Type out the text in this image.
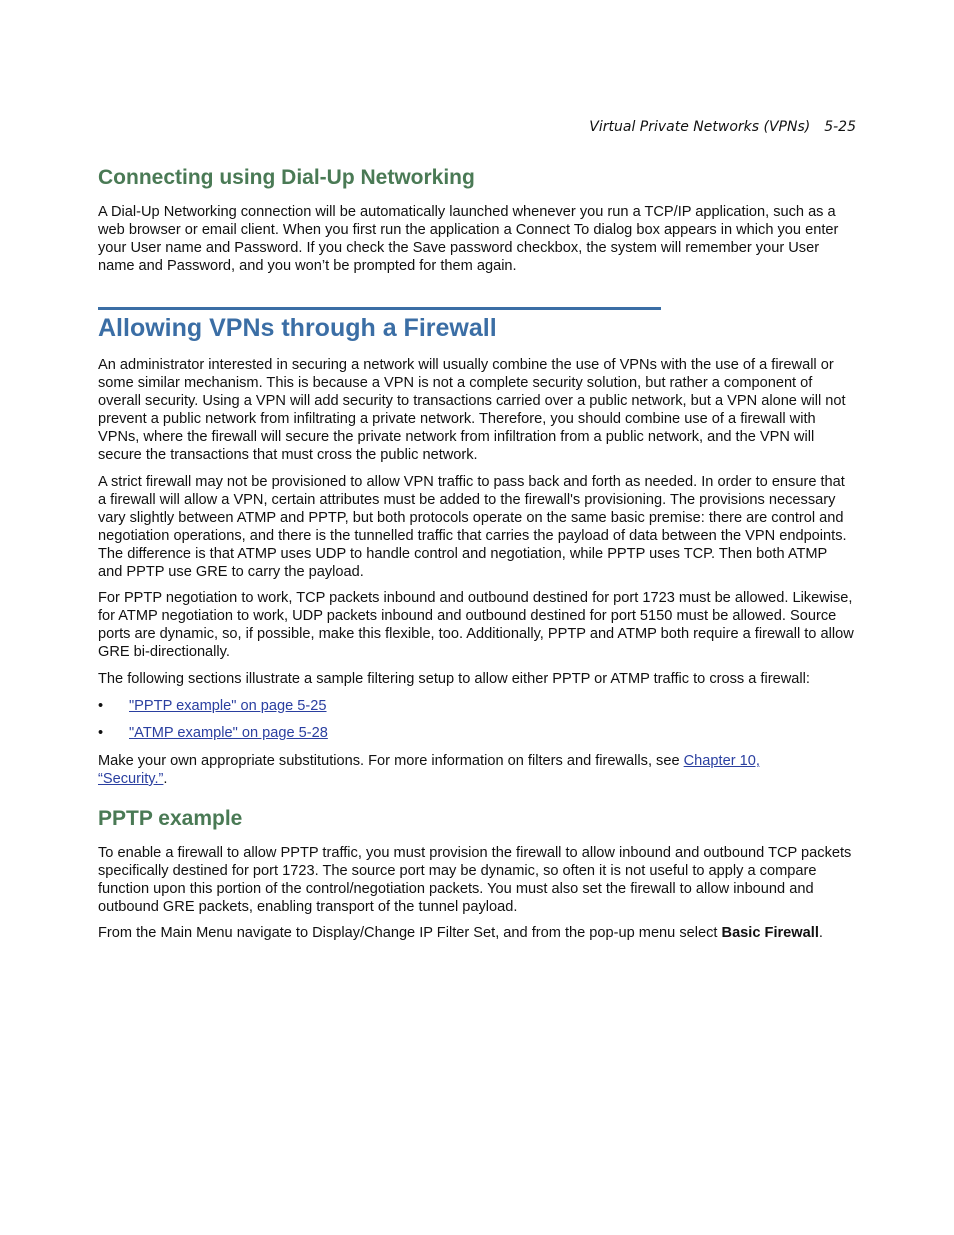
Virtual Private Networks (VPNs) 5-25
Connecting using Dial-Up Networking

A Dial-Up Networking connection will be automatically launched whenever you run a TCP/IP application, such as a web browser or email client. When you first run the application a Connect To dialog box appears in which you enter your User name and Password. If you check the Save password checkbox, the system will remember your User name and Password, and you won’t be prompted for them again.

Allowing VPNs through a Firewall

An administrator interested in securing a network will usually combine the use of VPNs with the use of a firewall or some similar mechanism. This is because a VPN is not a complete security solution, but rather a component of overall security. Using a VPN will add security to transactions carried over a public network, but a VPN alone will not prevent a public network from infiltrating a private network. Therefore, you should combine use of a firewall with VPNs, where the firewall will secure the private network from infiltration from a public network, and the VPN will secure the transactions that must cross the public network.

A strict firewall may not be provisioned to allow VPN traffic to pass back and forth as needed. In order to ensure that a firewall will allow a VPN, certain attributes must be added to the firewall's provisioning. The provisions necessary vary slightly between ATMP and PPTP, but both protocols operate on the same basic premise: there are control and negotiation operations, and there is the tunnelled traffic that carries the payload of data between the VPN endpoints. The difference is that ATMP uses UDP to handle control and negotiation, while PPTP uses TCP. Then both ATMP and PPTP use GRE to carry the payload.

For PPTP negotiation to work, TCP packets inbound and outbound destined for port 1723 must be allowed. Likewise, for ATMP negotiation to work, UDP packets inbound and outbound destined for port 5150 must be allowed. Source ports are dynamic, so, if possible, make this flexible, too. Additionally, PPTP and ATMP both require a firewall to allow GRE bi-directionally.

The following sections illustrate a sample filtering setup to allow either PPTP or ATMP traffic to cross a firewall:

• "PPTP example" on page 5-25
• "ATMP example" on page 5-28

Make your own appropriate substitutions. For more information on filters and firewalls, see Chapter 10,
“Security.”.

PPTP example

To enable a firewall to allow PPTP traffic, you must provision the firewall to allow inbound and outbound TCP packets specifically destined for port 1723. The source port may be dynamic, so often it is not useful to apply a compare function upon this portion of the control/negotiation packets. You must also set the firewall to allow inbound and outbound GRE packets, enabling transport of the tunnel payload.

From the Main Menu navigate to Display/Change IP Filter Set, and from the pop-up menu select Basic Firewall.
